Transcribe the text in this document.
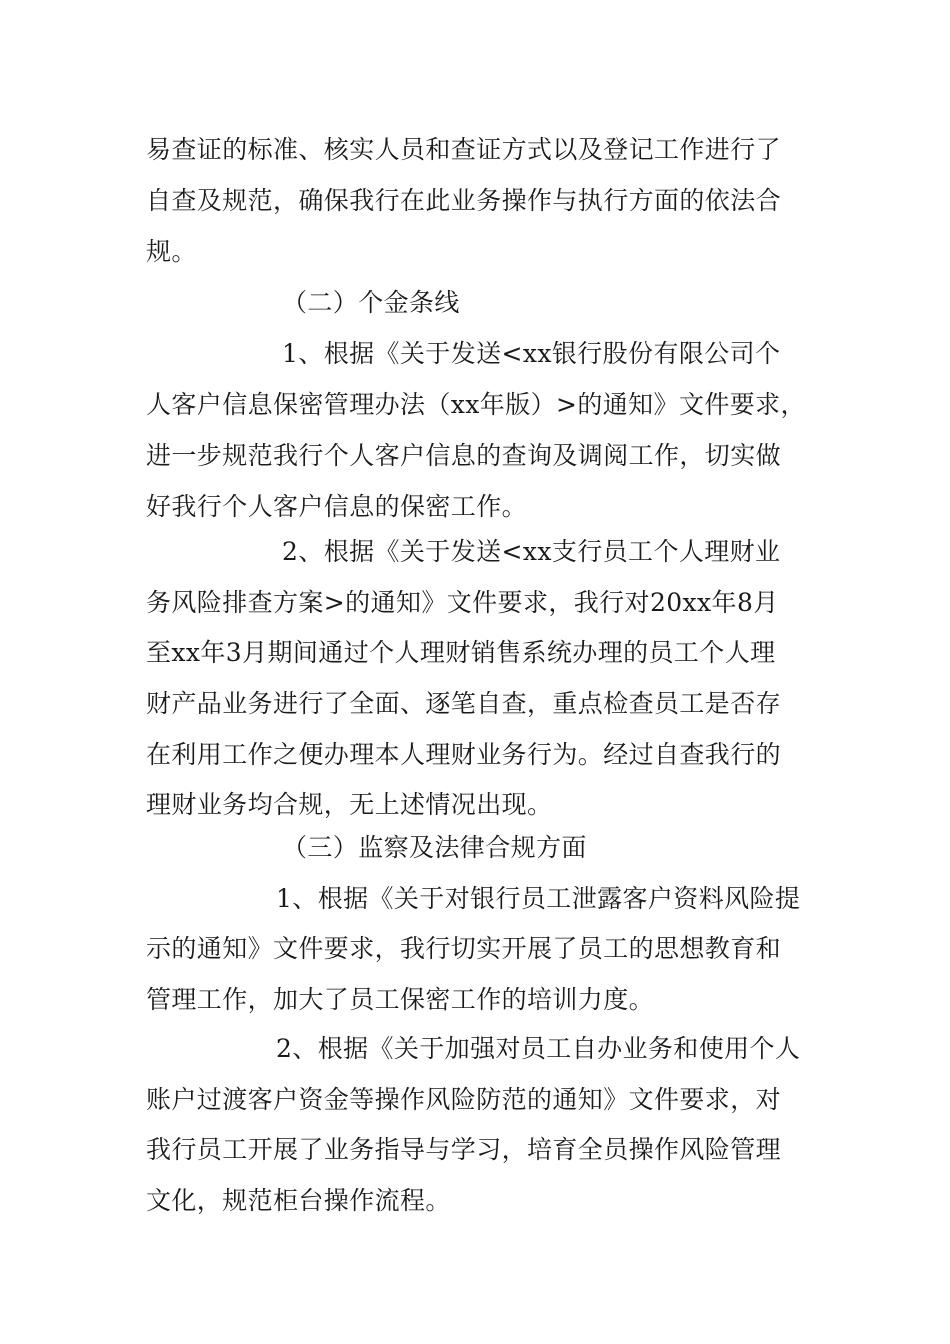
易查证的标准、核实人员和查证方式以及登记工作进行了
自查及规范，确保我行在此业务操作与执行方面的依法合
规。
（二）个金条线
1、根据《关于发送<xx银行股份有限公司个
人客户信息保密管理办法（xx年版）>的通知》文件要求，
进一步规范我行个人客户信息的查询及调阅工作，切实做
好我行个人客户信息的保密工作。
2、根据《关于发送<xx支行员工个人理财业
务风险排查方案>的通知》文件要求，我行对20xx年8月
至xx年3月期间通过个人理财销售系统办理的员工个人理
财产品业务进行了全面、逐笔自查，重点检查员工是否存
在利用工作之便办理本人理财业务行为。经过自查我行的
理财业务均合规，无上述情况出现。
（三）监察及法律合规方面
1、根据《关于对银行员工泄露客户资料风险提
示的通知》文件要求，我行切实开展了员工的思想教育和
管理工作，加大了员工保密工作的培训力度。
2、根据《关于加强对员工自办业务和使用个人
账户过渡客户资金等操作风险防范的通知》文件要求，对
我行员工开展了业务指导与学习，培育全员操作风险管理
文化，规范柜台操作流程。
